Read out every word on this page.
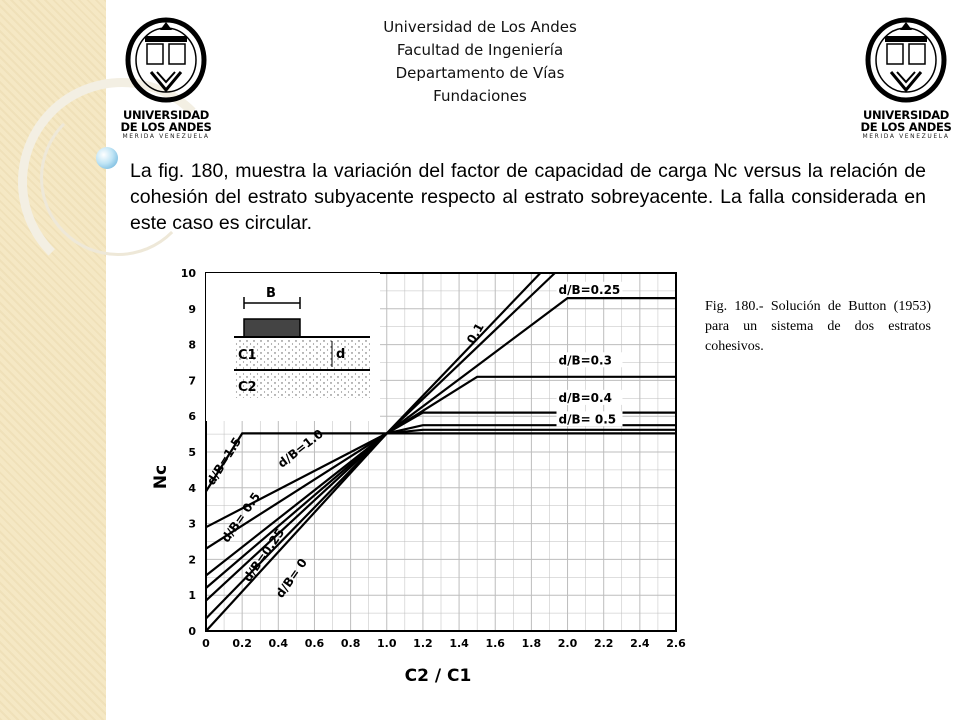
UNIVERSIDAD
DE LOS ANDES
MERIDA VENEZUELA
UNIVERSIDAD
DE LOS ANDES
MERIDA VENEZUELA
Universidad de Los Andes
Facultad de Ingeniería
Departamento de Vías
Fundaciones
La fig. 180, muestra la variación del factor de capacidad de carga Nc versus la relación de cohesión del estrato subyacente respecto al estrato sobreyacente. La falla considerada en este caso es circular.
B
C1
C2
d
d/B=0.25
d/B=0.3
d/B=0.4
d/B= 0.5
0.1
d/B=1.5	d/B=1.0
d/B= 0.5
d/B=0.25
d/B= 0
0 0.2 0.4 0.6 0.8 1.0 1.2 1.4 1.6 1.8 2.0 2.2 2.4 2.6
0
1
2
3
4
5
6
7
8
9
10
Nc
C2 / C1
Fig. 180.- Solución de Button (1953) para un sistema de dos estratos cohesivos.
